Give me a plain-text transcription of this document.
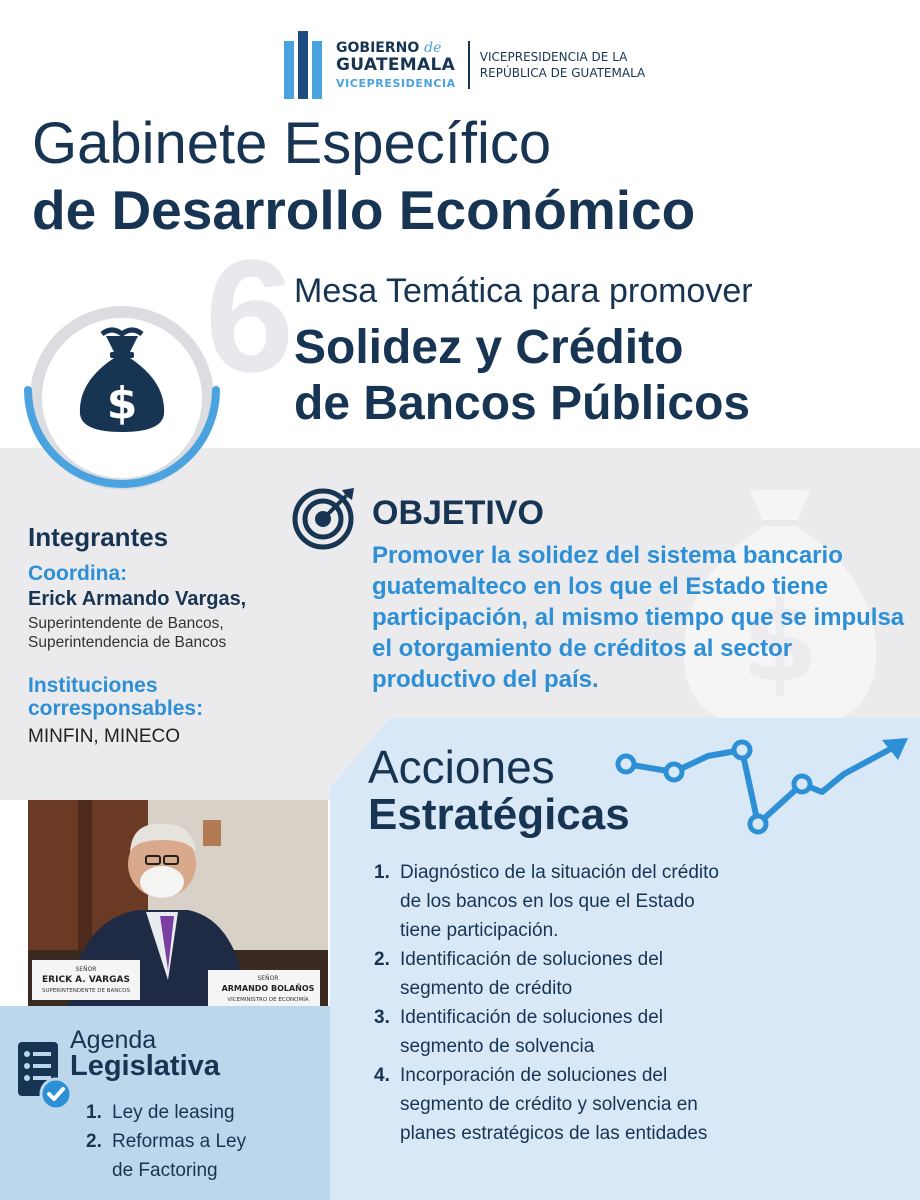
GOBIERNO de
GUATEMALA
VICEPRESIDENCIA
VICEPRESIDENCIA DE LA
REPÚBLICA DE GUATEMALA
Gabinete Específico
de Desarrollo Económico
6 Mesa Temática para promover
Solidez y Crédito
de Bancos Públicos
$
$
OBJETIVO
Promover la solidez del sistema bancario guatemalteco en los que el Estado tiene participación, al mismo tiempo que se impulsa el otorgamiento de créditos al sector productivo del país.
Integrantes
Coordina:
Erick Armando Vargas,
Superintendente de Bancos,
Superintendencia de Bancos
Instituciones
corresponsables:
MINFIN, MINECO
Acciones
Estratégicas
1. Diagnóstico de la situación del crédito
de los bancos en los que el Estado
tiene participación.
2. Identificación de soluciones del
segmento de crédito
3. Identificación de soluciones del
segmento de solvencia
4. Incorporación de soluciones del
segmento de crédito y solvencia en
planes estratégicos de las entidades
SEÑOR
ERICK A. VARGAS
SUPERINTENDENTE DE BANCOS
SEÑOR
ARMANDO BOLAÑOS
VICEMINISTRO DE ECONOMÍA
Agenda
Legislativa
1. Ley de leasing
2. Reformas a Ley
de Factoring
